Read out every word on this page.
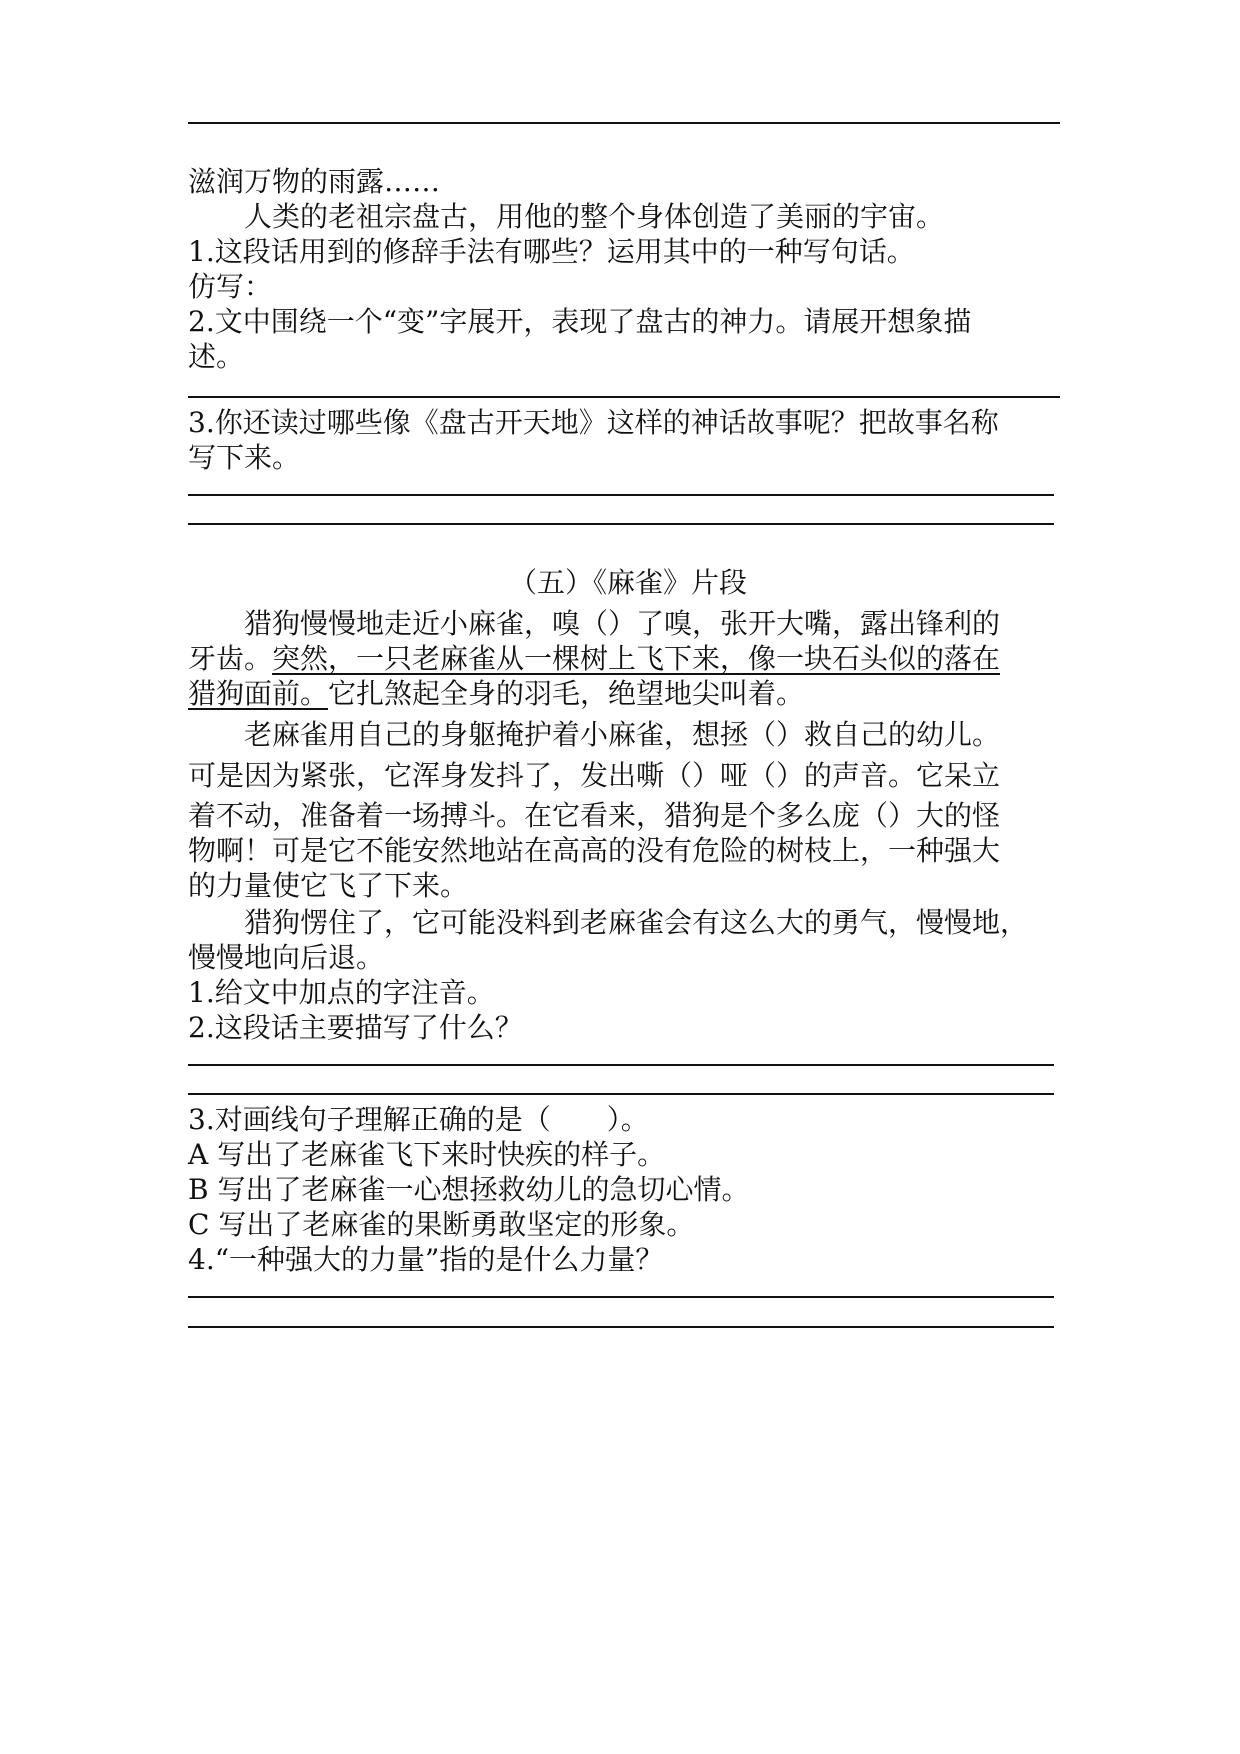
滋润万物的雨露……
　　人类的老祖宗盘古，用他的整个身体创造了美丽的宇宙。
1.这段话用到的修辞手法有哪些？运用其中的一种写句话。
仿写：
2.文中围绕一个“变”字展开，表现了盘古的神力。请展开想象描
述。
3.你还读过哪些像《盘古开天地》这样的神话故事呢？把故事名称
写下来。
（五）《麻雀》片段
　　猎狗慢慢地走近小麻雀，嗅（）了嗅，张开大嘴，露出锋利的
牙齿。突然，一只老麻雀从一棵树上飞下来，像一块石头似的落在
猎狗面前。它扎煞起全身的羽毛，绝望地尖叫着。
　　老麻雀用自己的身躯掩护着小麻雀，想拯（）救自己的幼儿。
可是因为紧张，它浑身发抖了，发出嘶（）哑（）的声音。它呆立
着不动，准备着一场搏斗。在它看来，猎狗是个多么庞（）大的怪
物啊！可是它不能安然地站在高高的没有危险的树枝上，一种强大
的力量使它飞了下来。
　　猎狗愣住了，它可能没料到老麻雀会有这么大的勇气，慢慢地，
慢慢地向后退。
1.给文中加点的字注音。
2.这段话主要描写了什么？
3.对画线句子理解正确的是（　　）。
A 写出了老麻雀飞下来时快疾的样子。
B 写出了老麻雀一心想拯救幼儿的急切心情。
C 写出了老麻雀的果断勇敢坚定的形象。
4.“一种强大的力量”指的是什么力量？
